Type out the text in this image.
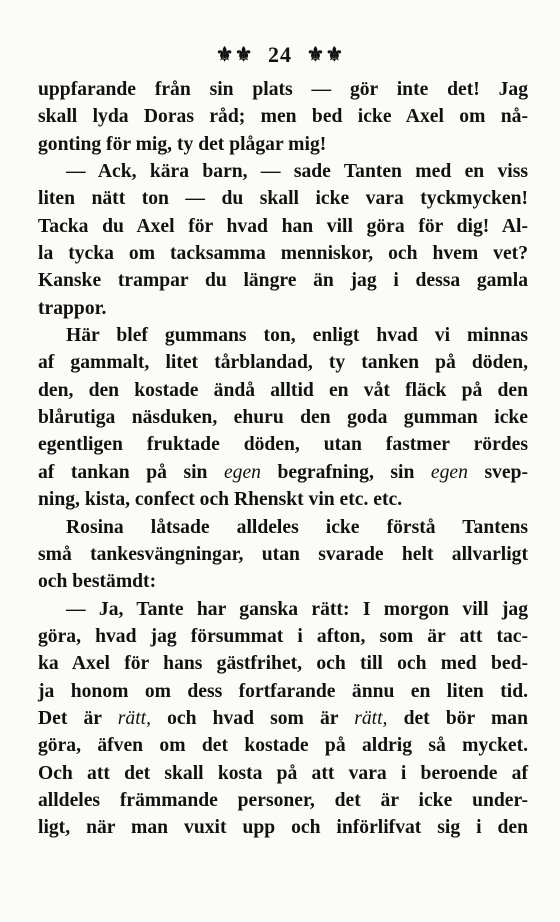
⚜⚜ 24 ⚜⚜
uppfarande från sin plats — gör inte det! Jag
skall lyda Doras råd; men bed icke Axel om nå-
gonting för mig, ty det plågar mig!
— Ack, kära barn, — sade Tanten med en viss
liten nätt ton — du skall icke vara tyckmycken!
Tacka du Axel för hvad han vill göra för dig! Al-
la tycka om tacksamma menniskor, och hvem vet?
Kanske trampar du längre än jag i dessa gamla
trappor.
Här blef gummans ton, enligt hvad vi minnas
af gammalt, litet tårblandad, ty tanken på döden,
den, den kostade ändå alltid en våt fläck på den
blårutiga näsduken, ehuru den goda gumman icke
egentligen fruktade döden, utan fastmer rördes
af tankan på sin egen begrafning, sin egen svep-
ning, kista, confect och Rhenskt vin etc. etc.
Rosina låtsade alldeles icke förstå Tantens
små tankesvängningar, utan svarade helt allvarligt
och bestämdt:
— Ja, Tante har ganska rätt: I morgon vill jag
göra, hvad jag försummat i afton, som är att tac-
ka Axel för hans gästfrihet, och till och med bed-
ja honom om dess fortfarande ännu en liten tid.
Det är rätt, och hvad som är rätt, det bör man
göra, äfven om det kostade på aldrig så mycket.
Och att det skall kosta på att vara i beroende af
alldeles främmande personer, det är icke under-
ligt, när man vuxit upp och införlifvat sig i den
